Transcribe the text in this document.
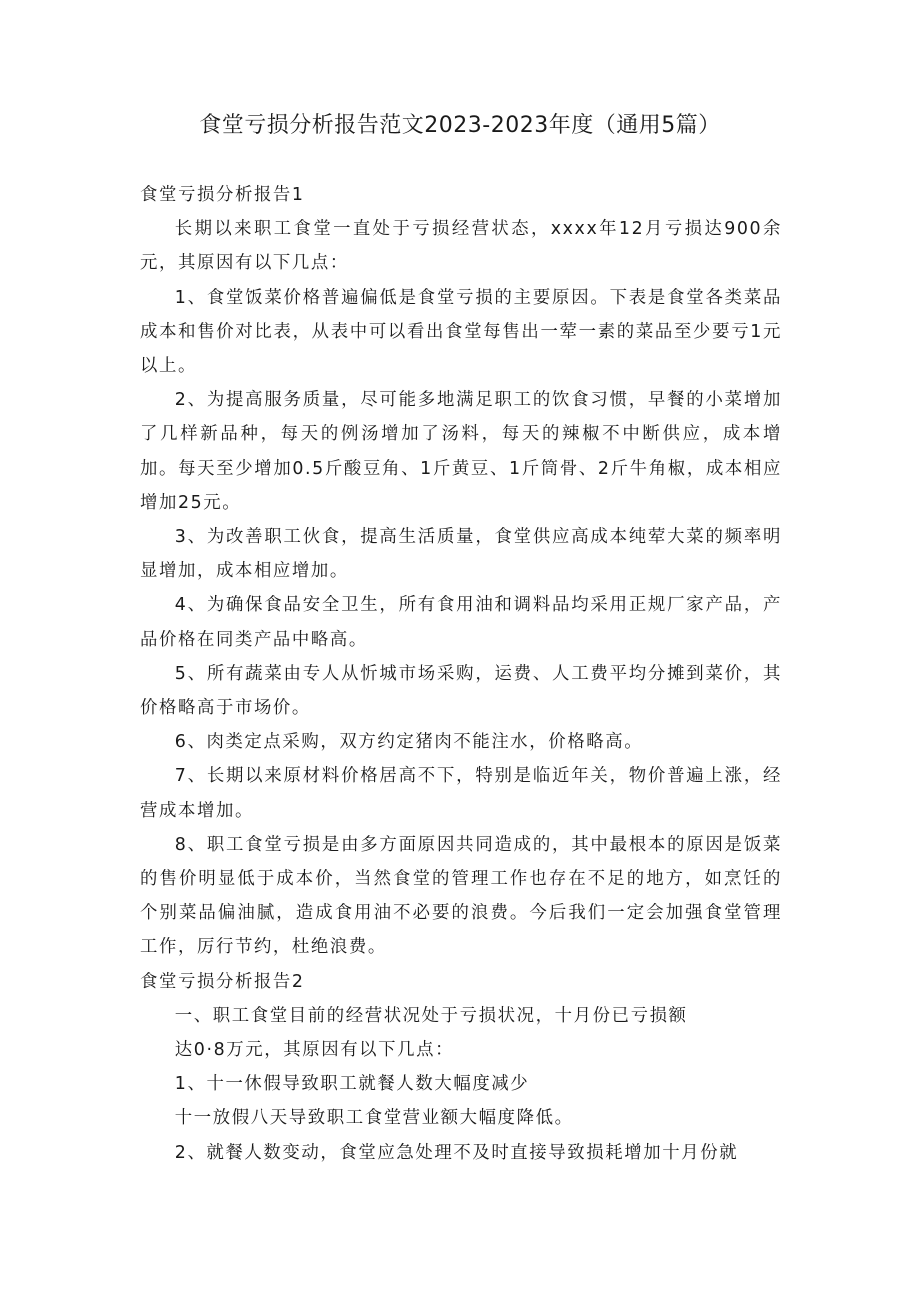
食堂亏损分析报告范文2023-2023年度（通用5篇）

食堂亏损分析报告1

长期以来职工食堂一直处于亏损经营状态，xxxx年12月亏损达900余元，其原因有以下几点：

1、食堂饭菜价格普遍偏低是食堂亏损的主要原因。下表是食堂各类菜品成本和售价对比表，从表中可以看出食堂每售出一荤一素的菜品至少要亏1元以上。

2、为提高服务质量，尽可能多地满足职工的饮食习惯，早餐的小菜增加了几样新品种，每天的例汤增加了汤料，每天的辣椒不中断供应，成本增加。每天至少增加0.5斤酸豆角、1斤黄豆、1斤筒骨、2斤牛角椒，成本相应增加25元。

3、为改善职工伙食，提高生活质量，食堂供应高成本纯荤大菜的频率明显增加，成本相应增加。

4、为确保食品安全卫生，所有食用油和调料品均采用正规厂家产品，产品价格在同类产品中略高。

5、所有蔬菜由专人从忻城市场采购，运费、人工费平均分摊到菜价，其价格略高于市场价。

6、肉类定点采购，双方约定猪肉不能注水，价格略高。

7、长期以来原材料价格居高不下，特别是临近年关，物价普遍上涨，经营成本增加。

8、职工食堂亏损是由多方面原因共同造成的，其中最根本的原因是饭菜的售价明显低于成本价，当然食堂的管理工作也存在不足的地方，如烹饪的个别菜品偏油腻，造成食用油不必要的浪费。今后我们一定会加强食堂管理工作，厉行节约，杜绝浪费。

食堂亏损分析报告2

一、职工食堂目前的经营状况处于亏损状况，十月份已亏损额

达0·8万元，其原因有以下几点：

1、十一休假导致职工就餐人数大幅度减少

十一放假八天导致职工食堂营业额大幅度降低。

2、就餐人数变动，食堂应急处理不及时直接导致损耗增加十月份就
